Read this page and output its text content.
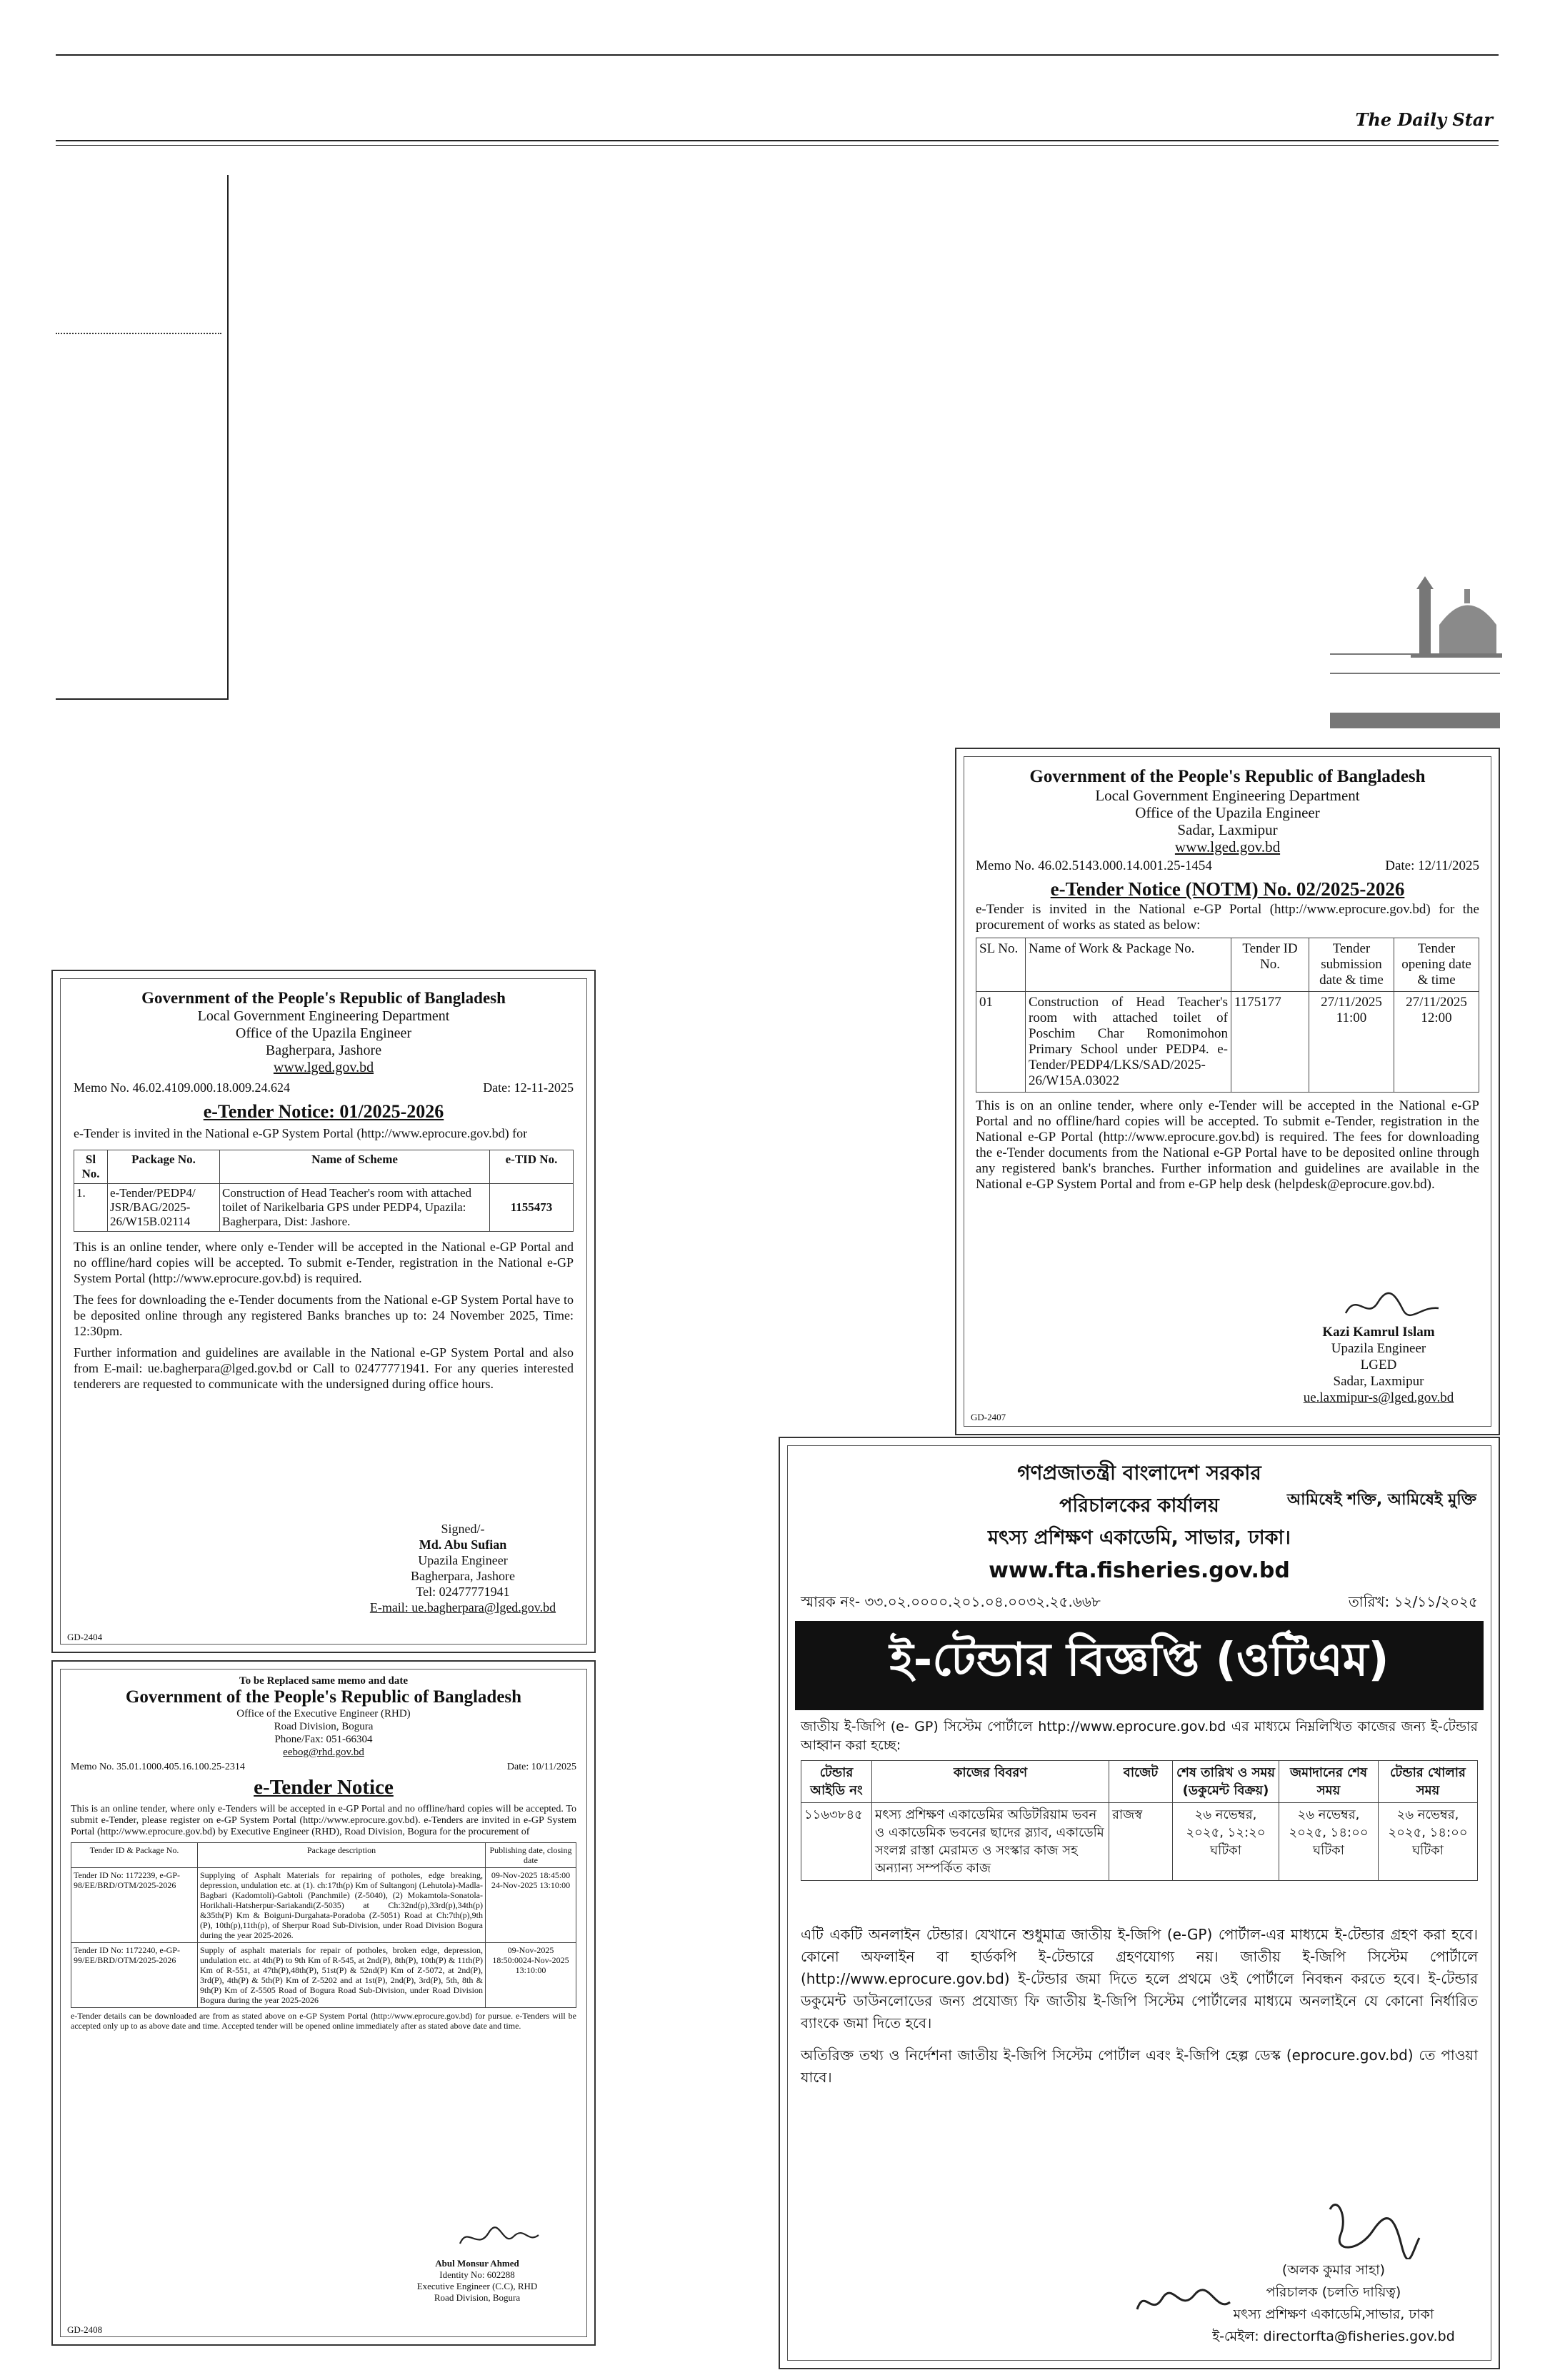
The Daily Star
Government of the People's Republic of Bangladesh
Local Government Engineering Department
Office of the Upazila Engineer
Sadar, Laxmipur
www.lged.gov.bd
Memo No. 46.02.5143.000.14.001.25-1454	Date: 12/11/2025
e-Tender Notice (NOTM) No. 02/2025-2026
e-Tender is invited in the National e-GP Portal (http://www.eprocure.gov.bd) for the procurement of works as stated as below:
SL No.	Name of Work & Package No.	Tender ID No.	Tender submission date & time	Tender opening date & time
01	Construction of Head Teacher's room with attached toilet of Poschim Char Romonimohon Primary School under PEDP4. e-Tender/PEDP4/LKS/SAD/2025-26/W15A.03022	1175177	27/11/2025 11:00	27/11/2025 12:00
This is on an online tender, where only e-Tender will be accepted in the National e-GP Portal and no offline/hard copies will be accepted. To submit e-Tender, registration in the National e-GP Portal (http://www.eprocure.gov.bd) is required. The fees for downloading the e-Tender documents from the National e-GP Portal have to be deposited online through any registered bank's branches. Further information and guidelines are available in the National e-GP System Portal and from e-GP help desk (helpdesk@eprocure.gov.bd).
Kazi Kamrul Islam
Upazila Engineer
LGED
Sadar, Laxmipur
ue.laxmipur-s@lged.gov.bd
GD-2407
Government of the People's Republic of Bangladesh
Local Government Engineering Department
Office of the Upazila Engineer
Bagherpara, Jashore
www.lged.gov.bd
Memo No. 46.02.4109.000.18.009.24.624	Date: 12-11-2025
e-Tender Notice: 01/2025-2026
e-Tender is invited in the National e-GP System Portal (http://www.eprocure.gov.bd) for
Sl No.	Package No.	Name of Scheme	e-TID No.
1.	e-Tender/PEDP4/ JSR/BAG/2025-26/W15B.02114	Construction of Head Teacher's room with attached toilet of Narikelbaria GPS under PEDP4, Upazila: Bagherpara, Dist: Jashore.	1155473
This is an online tender, where only e-Tender will be accepted in the National e-GP Portal and no offline/hard copies will be accepted. To submit e-Tender, registration in the National e-GP System Portal (http://www.eprocure.gov.bd) is required.
The fees for downloading the e-Tender documents from the National e-GP System Portal have to be deposited online through any registered Banks branches up to: 24 November 2025, Time: 12:30pm.
Further information and guidelines are available in the National e-GP System Portal and also from E-mail: ue.bagherpara@lged.gov.bd or Call to 02477771941. For any queries interested tenderers are requested to communicate with the undersigned during office hours.
Signed/-
Md. Abu Sufian
Upazila Engineer
Bagherpara, Jashore
Tel: 02477771941
E-mail: ue.bagherpara@lged.gov.bd
GD-2404
To be Replaced same memo and date
Government of the People's Republic of Bangladesh
Office of the Executive Engineer (RHD)
Road Division, Bogura
Phone/Fax: 051-66304
eebog@rhd.gov.bd
Memo No. 35.01.1000.405.16.100.25-2314	Date: 10/11/2025
e-Tender Notice
This is an online tender, where only e-Tenders will be accepted in e-GP Portal and no offline/hard copies will be accepted. To submit e-Tender, please register on e-GP System Portal (http://www.eprocure.gov.bd). e-Tenders are invited in e-GP System Portal (http://www.eprocure.gov.bd) by Executive Engineer (RHD), Road Division, Bogura for the procurement of
Tender ID & Package No.	Package description	Publishing date, closing date
Tender ID No: 1172239, e-GP-98/EE/BRD/OTM/2025-2026	Supplying of Asphalt Materials for repairing of potholes, edge breaking, depression, undulation etc. at (1). ch:17th(p) Km of Sultangonj (Lehutola)-Madla-Bagbari (Kadomtoli)-Gabtoli (Panchmile) (Z-5040), (2) Mokamtola-Sonatola-Horikhali-Hatsherpur-Sariakandi(Z-5035) at Ch:32nd(p),33rd(p),34th(p) &35th(P) Km & Boiguni-Durgahata-Poradoba (Z-5051) Road at Ch:7th(p),9th (P), 10th(p),11th(p), of Sherpur Road Sub-Division, under Road Division Bogura during the year 2025-2026.	09-Nov-2025 18:45:00 24-Nov-2025 13:10:00
Tender ID No: 1172240, e-GP-99/EE/BRD/OTM/2025-2026	Supply of asphalt materials for repair of potholes, broken edge, depression, undulation etc. at 4th(P) to 9th Km of R-545, at 2nd(P), 8th(P), 10th(P) & 11th(P) Km of R-551, at 47th(P),48th(P), 51st(P) & 52nd(P) Km of Z-5072, at 2nd(P), 3rd(P), 4th(P) & 5th(P) Km of Z-5202 and at 1st(P), 2nd(P), 3rd(P), 5th, 8th & 9th(P) Km of Z-5505 Road of Bogura Road Sub-Division, under Road Division Bogura during the year 2025-2026	09-Nov-2025 18:50:0024-Nov-2025 13:10:00
e-Tender details can be downloaded are from as stated above on e-GP System Portal (http://www.eprocure.gov.bd) for pursue. e-Tenders will be accepted only up to as above date and time. Accepted tender will be opened online immediately after as stated above date and time.
Abul Monsur Ahmed
Identity No: 602288
Executive Engineer (C.C), RHD
Road Division, Bogura
GD-2408
গণপ্রজাতন্ত্রী বাংলাদেশ সরকার
পরিচালকের কার্যালয়	আমিষেই শক্তি, আমিষেই মুক্তি
মৎস্য প্রশিক্ষণ একাডেমি, সাভার, ঢাকা।
www.fta.fisheries.gov.bd
স্মারক নং- ৩৩.০২.০০০০.২০১.০৪.০০৩২.২৫.৬৬৮	তারিখ: ১২/১১/২০২৫
ই-টেন্ডার বিজ্ঞপ্তি (ওটিএম)
জাতীয় ই-জিপি (e- GP) সিস্টেম পোর্টালে http://www.eprocure.gov.bd এর মাধ্যমে নিম্নলিখিত কাজের জন্য ই-টেন্ডার আহ্বান করা হচ্ছে:
টেন্ডার আইডি নং	কাজের বিবরণ	বাজেট	শেষ তারিখ ও সময় (ডকুমেন্ট বিক্রয়)	জমাদানের শেষ সময়	টেন্ডার খোলার সময়
১১৬৩৮৪৫	মৎস্য প্রশিক্ষণ একাডেমির অডিটরিয়াম ভবন ও একাডেমিক ভবনের ছাদের স্ল্যাব, একাডেমি সংলগ্ন রাস্তা মেরামত ও সংস্কার কাজ সহ অন্যান্য সম্পর্কিত কাজ	রাজস্ব	২৬ নভেম্বর, ২০২৫, ১২:২০ ঘটিকা	২৬ নভেম্বর, ২০২৫, ১৪:০০ ঘটিকা	২৬ নভেম্বর, ২০২৫, ১৪:০০ ঘটিকা
এটি একটি অনলাইন টেন্ডার। যেখানে শুধুমাত্র জাতীয় ই-জিপি (e-GP) পোর্টাল-এর মাধ্যমে ই-টেন্ডার গ্রহণ করা হবে। কোনো অফলাইন বা হার্ডকপি ই-টেন্ডারে গ্রহণযোগ্য নয়। জাতীয় ই-জিপি সিস্টেম পোর্টালে (http://www.eprocure.gov.bd) ই-টেন্ডার জমা দিতে হলে প্রথমে ওই পোর্টালে নিবন্ধন করতে হবে। ই-টেন্ডার ডকুমেন্ট ডাউনলোডের জন্য প্রযোজ্য ফি জাতীয় ই-জিপি সিস্টেম পোর্টালের মাধ্যমে অনলাইনে যে কোনো নির্ধারিত ব্যাংকে জমা দিতে হবে।
অতিরিক্ত তথ্য ও নির্দেশনা জাতীয় ই-জিপি সিস্টেম পোর্টাল এবং ই-জিপি হেল্প ডেস্ক (eprocure.gov.bd) তে পাওয়া যাবে।
(অলক কুমার সাহা)
পরিচালক (চলতি দায়িত্ব)
মৎস্য প্রশিক্ষণ একাডেমি,সাভার, ঢাকা
ই-মেইল: directorfta@fisheries.gov.bd
